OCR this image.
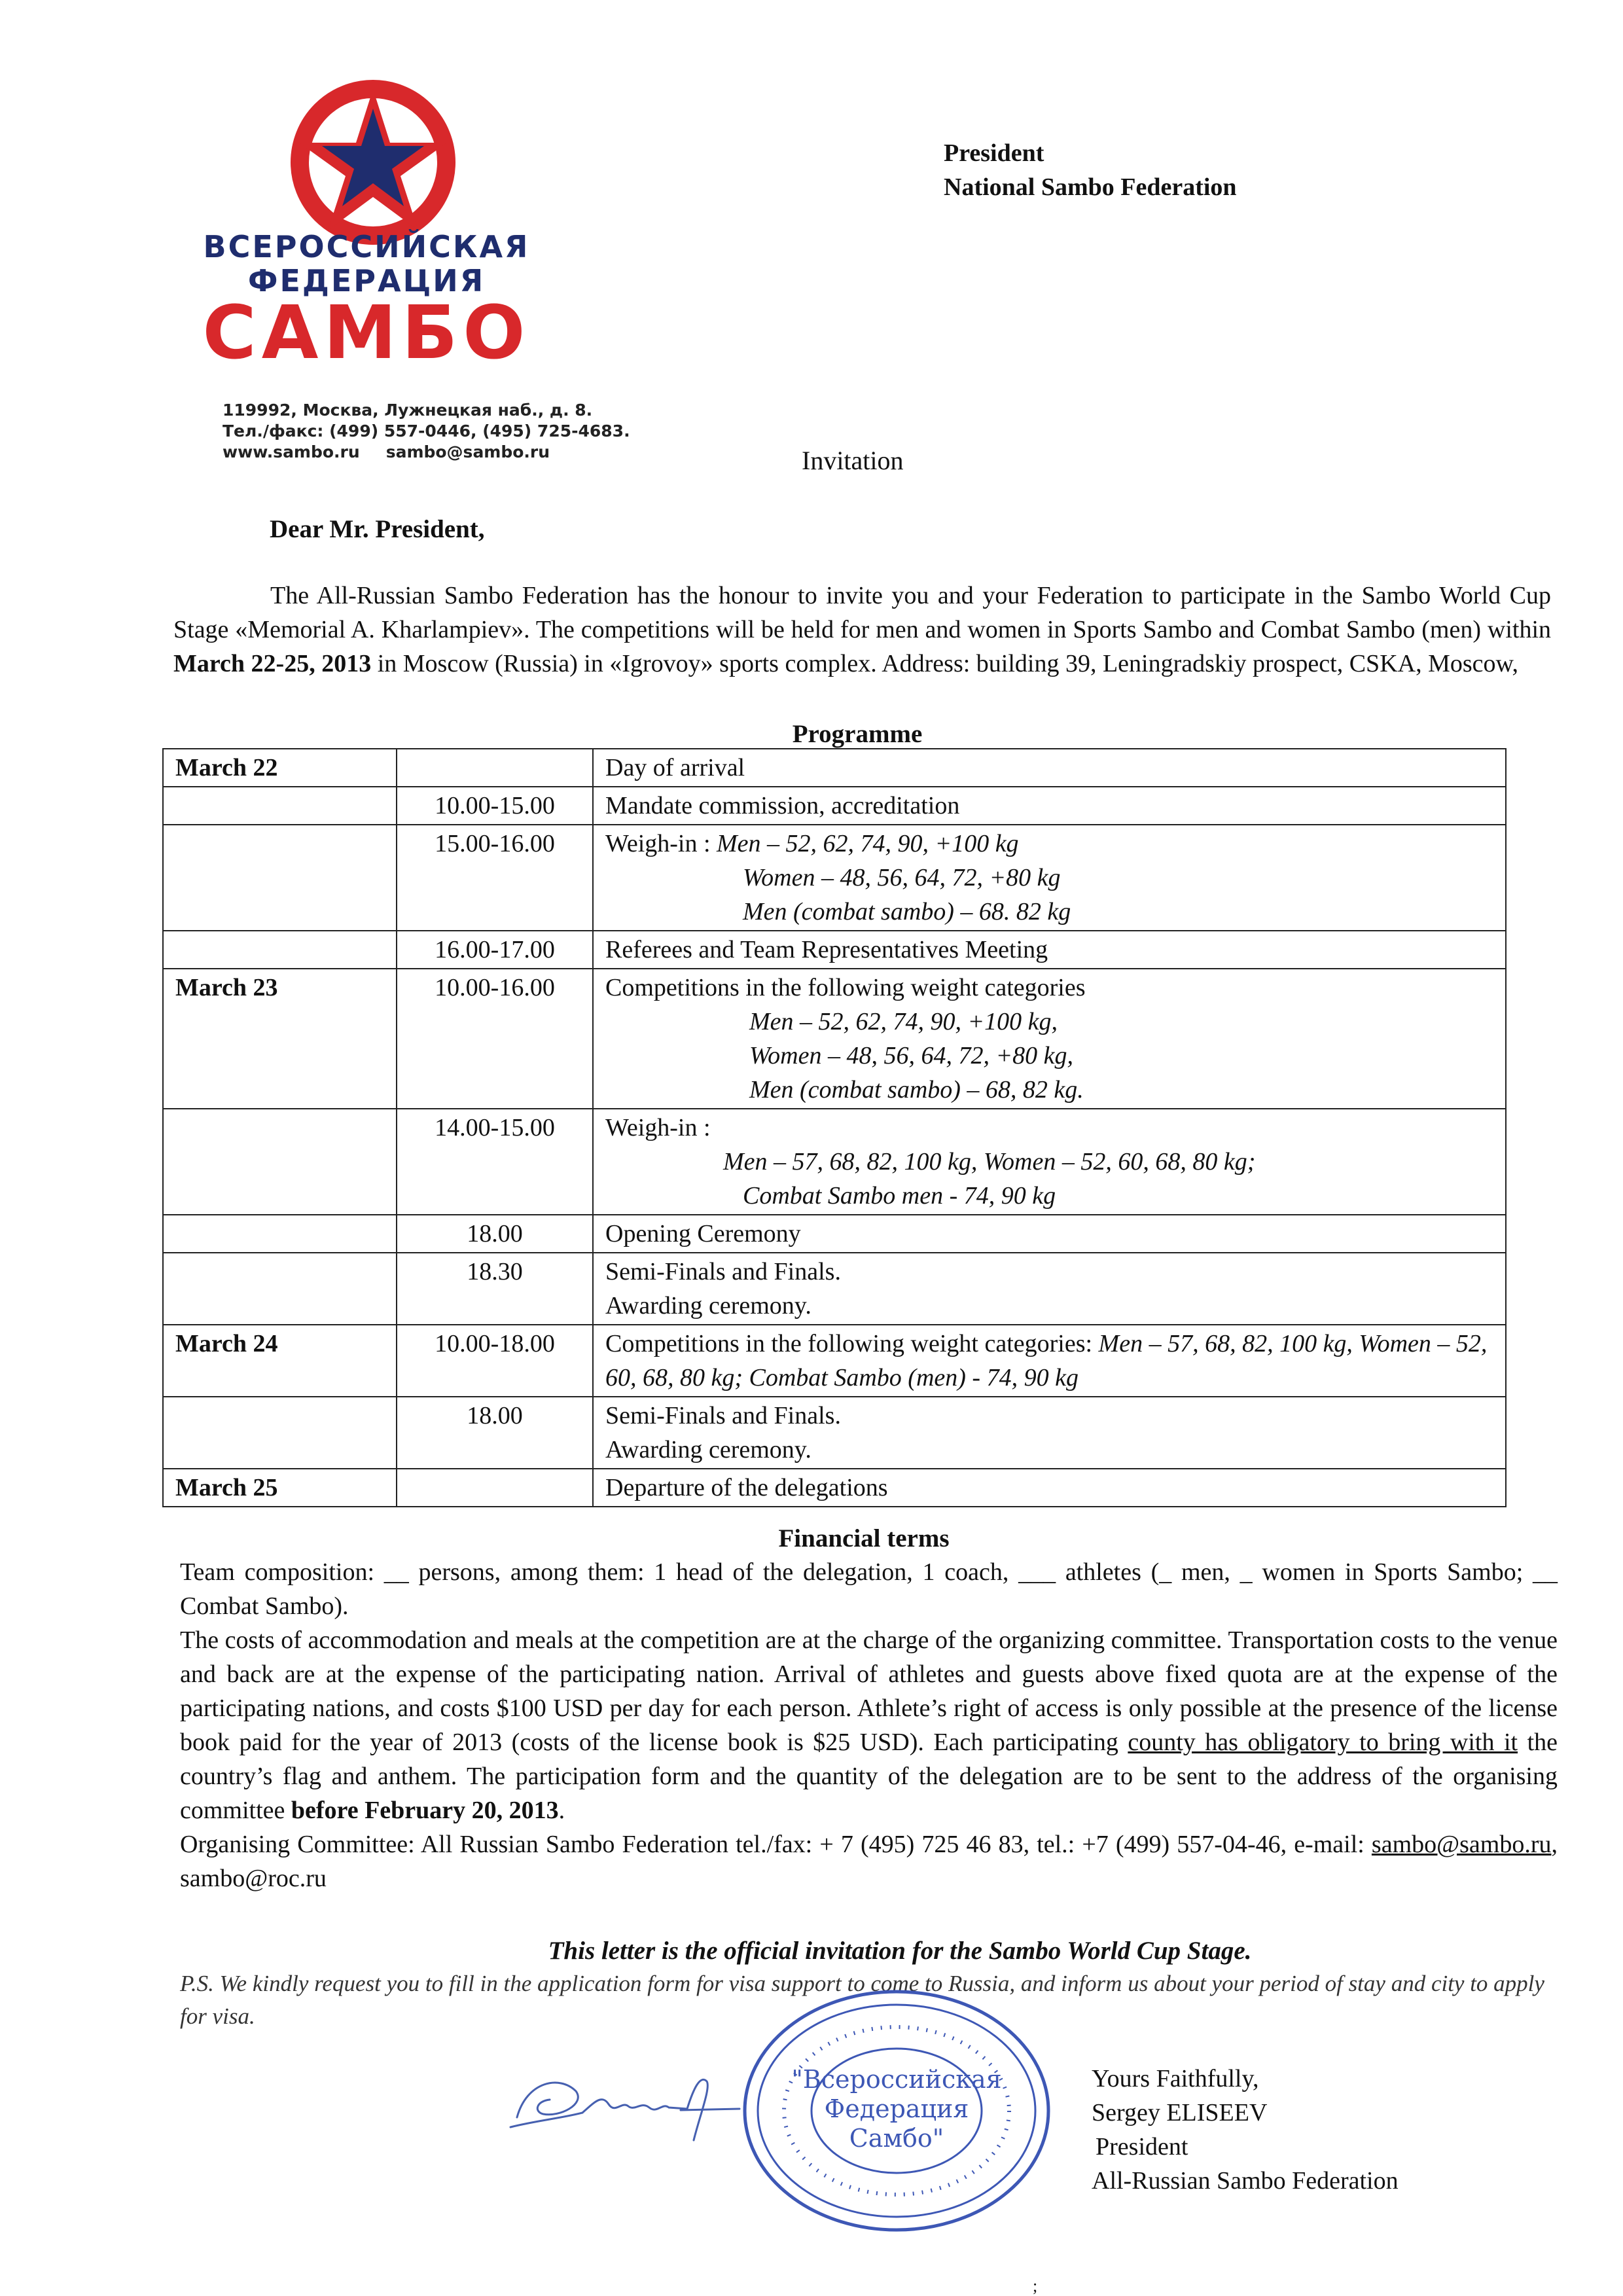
ВСЕРОССИЙСКАЯ
ФЕДЕРАЦИЯ
САМБО
119992, Москва, Лужнецкая наб., д. 8.
Тел./факс: (499) 557-0446, (495) 725-4683.
www.sambo.ru sambo@sambo.ru
President
National Sambo Federation
Invitation
Dear Mr. President,
The All-Russian Sambo Federation has the honour to invite you and your Federation to participate in the Sambo World Cup Stage «Memorial A. Kharlampiev». The competitions will be held for men and women in Sports Sambo and Combat Sambo (men) within March 22-25, 2013 in Moscow (Russia) in «Igrovoy» sports complex. Address: building 39, Leningradskiy prospect, CSKA, Moscow,
Programme
March 22		Day of arrival
	10.00-15.00	Mandate commission, accreditation
	15.00-16.00	Weigh-in : Men – 52, 62, 74, 90, +100 kg
Women – 48, 56, 64, 72, +80 kg
Men (combat sambo) – 68. 82 kg

	16.00-17.00	Referees and Team Representatives Meeting
March 23	10.00-16.00	Competitions in the following weight categories
Men – 52, 62, 74, 90, +100 kg,
Women – 48, 56, 64, 72, +80 kg,
Men (combat sambo) – 68, 82 kg.

	14.00-15.00	Weigh-in :
Men – 57, 68, 82, 100 kg, Women – 52, 60, 68, 80 kg;
Combat Sambo men - 74, 90 kg

	18.00	Opening Ceremony
	18.30	Semi-Finals and Finals.
Awarding ceremony.

March 24	10.00-18.00	Competitions in the following weight categories: Men – 57, 68, 82, 100 kg, Women – 52, 60, 68, 80 kg; Combat Sambo (men) - 74, 90 kg
	18.00	Semi-Finals and Finals.
Awarding ceremony.

March 25		Departure of the delegations
Financial terms
Team composition: __ persons, among them: 1 head of the delegation, 1 coach, ___ athletes (_ men, _ women in Sports Sambo; __ Combat Sambo).
The costs of accommodation and meals at the competition are at the charge of the organizing committee. Transportation costs to the venue and back are at the expense of the participating nation. Arrival of athletes and guests above fixed quota are at the expense of the participating nations, and costs $100 USD per day for each person. Athlete’s right of access is only possible at the presence of the license book paid for the year of 2013 (costs of the license book is $25 USD). Each participating county has obligatory to bring with it the country’s flag and anthem. The participation form and the quantity of the delegation are to be sent to the address of the organising committee before February 20, 2013.
Organising Committee: All Russian Sambo Federation tel./fax: + 7 (495) 725 46 83, tel.: +7 (499) 557-04-46, e-mail: sambo@sambo.ru, sambo@roc.ru
This letter is the official invitation for the Sambo World Cup Stage.
P.S. We kindly request you to fill in the application form for visa support to come to Russia, and inform us about your period of stay and city to apply for visa.
"Всероссийская
Федерация
Самбо"
Yours Faithfully,
Sergey ELISEEV
President
All-Russian Sambo Federation
;
